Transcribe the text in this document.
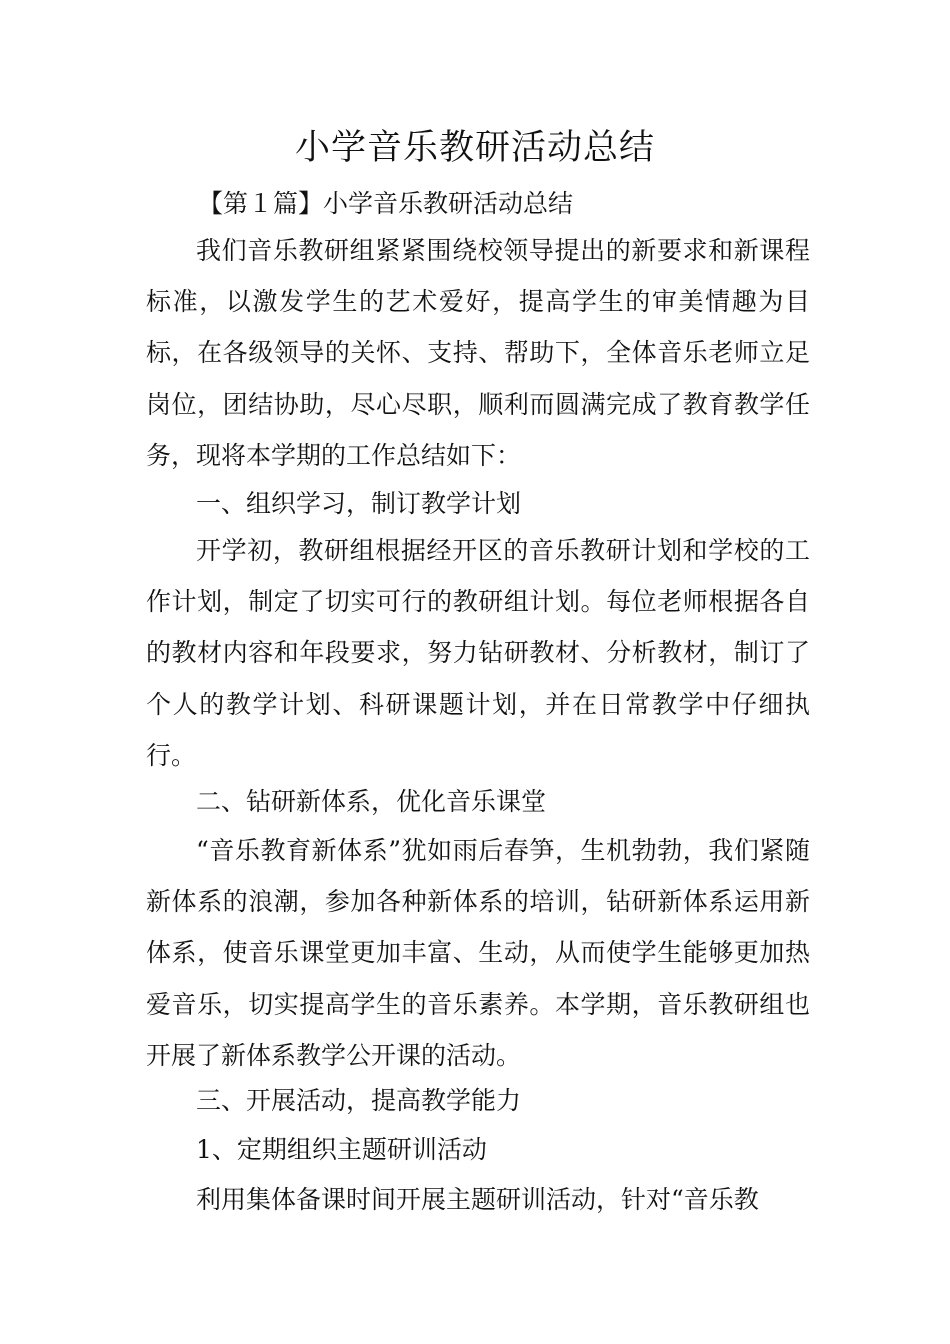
小学音乐教研活动总结

【第１篇】小学音乐教研活动总结

我们音乐教研组紧紧围绕校领导提出的新要求和新课程标准，以激发学生的艺术爱好，提高学生的审美情趣为目标，在各级领导的关怀、支持、帮助下，全体音乐老师立足岗位，团结协助，尽心尽职，顺利而圆满完成了教育教学任务，现将本学期的工作总结如下：

一、组织学习，制订教学计划

开学初，教研组根据经开区的音乐教研计划和学校的工作计划，制定了切实可行的教研组计划。每位老师根据各自的教材内容和年段要求，努力钻研教材、分析教材，制订了个人的教学计划、科研课题计划，并在日常教学中仔细执行。

二、钻研新体系，优化音乐课堂

“音乐教育新体系”犹如雨后春笋，生机勃勃，我们紧随新体系的浪潮，参加各种新体系的培训，钻研新体系运用新体系，使音乐课堂更加丰富、生动，从而使学生能够更加热爱音乐，切实提高学生的音乐素养。本学期，音乐教研组也开展了新体系教学公开课的活动。

三、开展活动，提高教学能力

1、定期组织主题研训活动

利用集体备课时间开展主题研训活动，针对“音乐教
